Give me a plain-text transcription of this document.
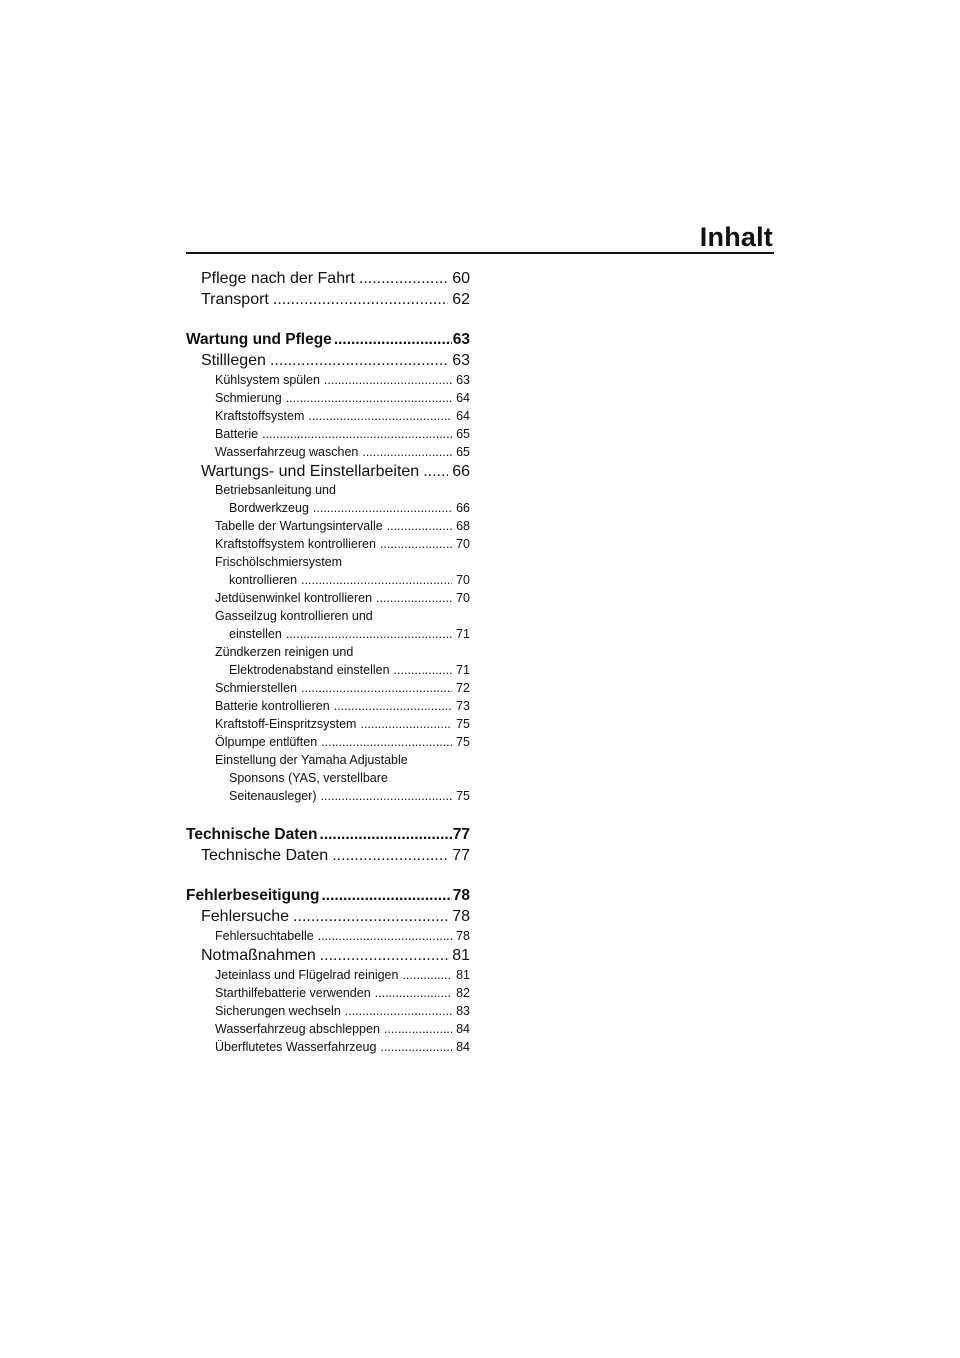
Inhalt
Pflege nach der Fahrt .....	60
Transport .....	62
Wartung und Pflege .....	63
Stilllegen .....	63
Kühlsystem spülen .....	63
Schmierung .....	64
Kraftstoffsystem .....	64
Batterie .....	65
Wasserfahrzeug waschen .....	65
Wartungs- und Einstellarbeiten ..... 66
Betriebsanleitung und
Bordwerkzeug .....	66
Tabelle der Wartungsintervalle .....	68
Kraftstoffsystem kontrollieren .....	70
Frischölschmiersystem
kontrollieren .....	70
Jetdüsenwinkel kontrollieren .....	70
Gasseilzug kontrollieren und
einstellen .....	71
Zündkerzen reinigen und
Elektrodenabstand einstellen .....	71
Schmierstellen .....	72
Batterie kontrollieren .....	73
Kraftstoff-Einspritzsystem .....	75
Ölpumpe entlüften .....	75
Einstellung der Yamaha Adjustable
Sponsons (YAS, verstellbare
Seitenausleger) .....	75
Technische Daten .....	77
Technische Daten .....	77
Fehlerbeseitigung .....	78
Fehlersuche .....	78
Fehlersuchtabelle .....	78
Notmaßnahmen .....	81
Jeteinlass und Flügelrad reinigen .....	81
Starthilfebatterie verwenden .....	82
Sicherungen wechseln .....	83
Wasserfahrzeug abschleppen .....	84
Überflutetes Wasserfahrzeug .....	84
